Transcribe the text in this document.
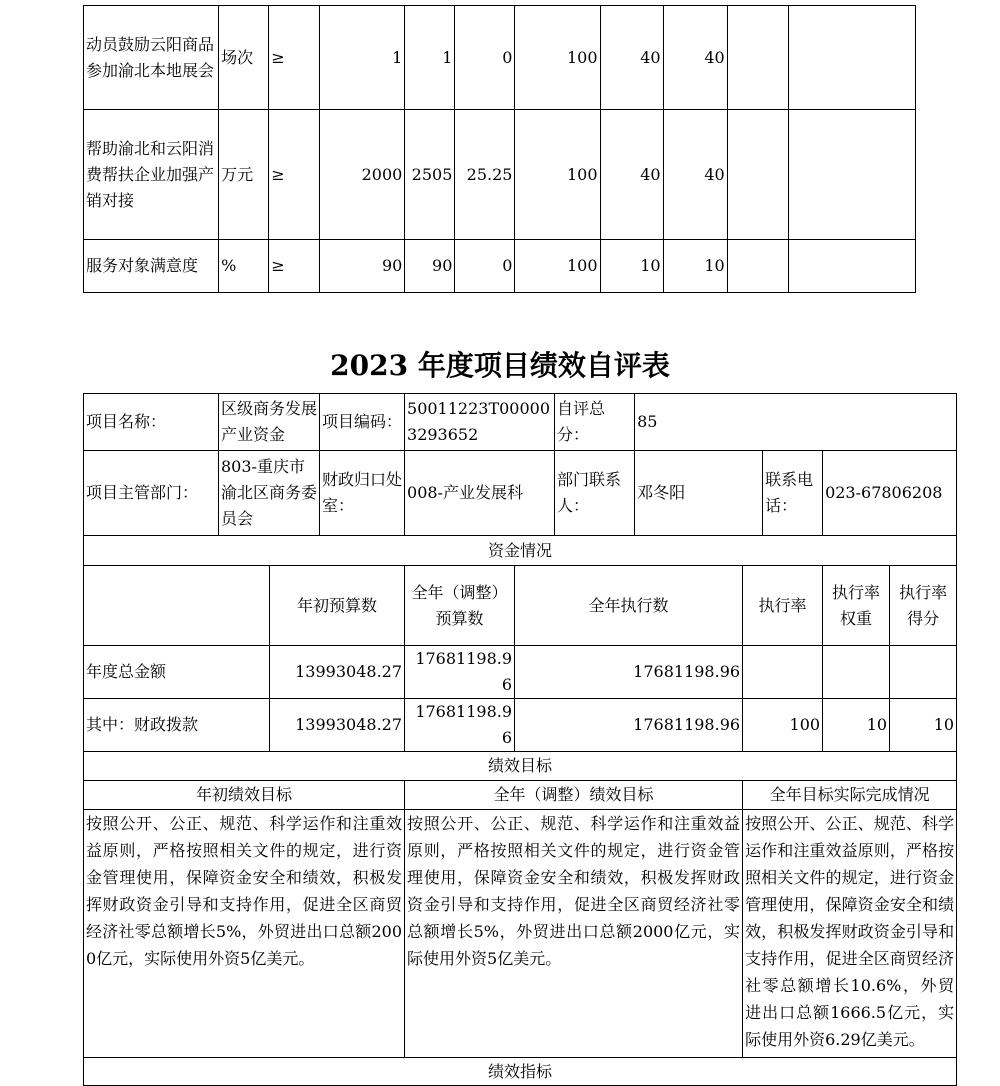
动员鼓励云阳商品参加渝北本地展会	场次	≥	1	1	0	100	40	40		
帮助渝北和云阳消费帮扶企业加强产销对接	万元	≥	2000	2505	25.25	100	40	40		
服务对象满意度	%	≥	90	90	0	100	10	10		
2023 年度项目绩效自评表
项目名称：	区级商务发展产业资金		项目编码：	50011223T000003293652		自评总分：	85				
项目主管部门：	803-重庆市渝北区商务委员会		财政归口处室：	008-产业发展科		部门联系人：	邓冬阳		联系电话：	023-67806208	
资金情况											
		年初预算数		全年（调整）预算数	全年执行数			执行率		执行率权重	执行率得分
年度总金额		13993048.27		17681198.96	17681198.96						
其中：财政拨款		13993048.27		17681198.96	17681198.96			100		10	10
绩效目标											
年初绩效目标				全年（调整）绩效目标				全年目标实际完成情况			
按照公开、公正、规范、科学运作和注重效益原则，严格按照相关文件的规定，进行资金管理使用，保障资金安全和绩效，积极发挥财政资金引导和支持作用，促进全区商贸经济社零总额增长5%，外贸进出口总额2000亿元，实际使用外资5亿美元。				按照公开、公正、规范、科学运作和注重效益原则，严格按照相关文件的规定，进行资金管理使用，保障资金安全和绩效，积极发挥财政资金引导和支持作用，促进全区商贸经济社零总额增长5%，外贸进出口总额2000亿元，实际使用外资5亿美元。				按照公开、公正、规范、科学运作和注重效益原则，严格按照相关文件的规定，进行资金管理使用，保障资金安全和绩效，积极发挥财政资金引导和支持作用，促进全区商贸经济社零总额增长10.6%，外贸进出口总额1666.5亿元，实际使用外资6.29亿美元。			
绩效指标											
